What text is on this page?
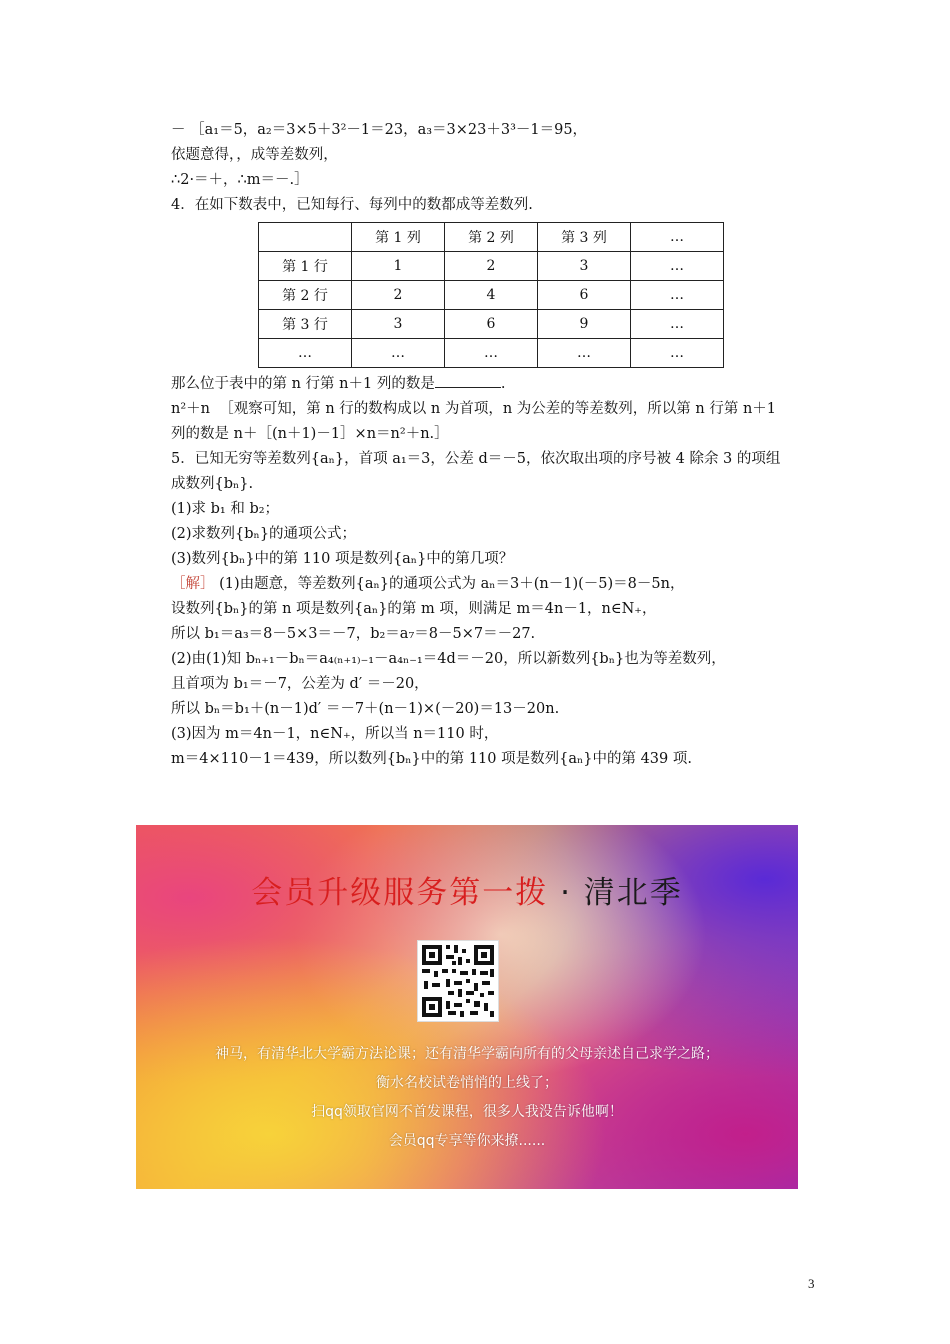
－ ［a₁＝5，a₂＝3×5＋3²－1＝23，a₃＝3×23＋3³－1＝95，
依题意得，，成等差数列，
∴2·＝＋，∴m＝－.］
4．在如下数表中，已知每行、每列中的数都成等差数列.
	第 1 列	第 2 列	第 3 列	…
第 1 行	1	2	3	…
第 2 行	2	4	6	…
第 3 行	3	6	9	…
…	…	…	…	…
那么位于表中的第 n 行第 n＋1 列的数是	.
n²＋n ［观察可知，第 n 行的数构成以 n 为首项，n 为公差的等差数列，所以第 n 行第 n＋1
列的数是 n＋［(n＋1)－1］×n＝n²＋n.］
5．已知无穷等差数列{aₙ}，首项 a₁＝3，公差 d＝－5，依次取出项的序号被 4 除余 3 的项组
成数列{bₙ}.
(1)求 b₁ 和 b₂；
(2)求数列{bₙ}的通项公式；
(3)数列{bₙ}中的第 110 项是数列{aₙ}中的第几项？
［解］ (1)由题意，等差数列{aₙ}的通项公式为 aₙ＝3＋(n－1)(－5)＝8－5n，
设数列{bₙ}的第 n 项是数列{aₙ}的第 m 项，则满足 m＝4n－1，n∈N₊，
所以 b₁＝a₃＝8－5×3＝－7，b₂＝a₇＝8－5×7＝－27.
(2)由(1)知 bₙ₊₁－bₙ＝a₄₍ₙ₊₁₎₋₁－a₄ₙ₋₁＝4d＝－20，所以新数列{bₙ}也为等差数列，
且首项为 b₁＝－7，公差为 d′ ＝－20，
所以 bₙ＝b₁＋(n－1)d′ ＝－7＋(n－1)×(－20)＝13－20n.
(3)因为 m＝4n－1，n∈N₊，所以当 n＝110 时，
m＝4×110－1＝439，所以数列{bₙ}中的第 110 项是数列{aₙ}中的第 439 项.
会员升级服务第一拨 · 清北季
神马，有清华北大学霸方法论课；还有清华学霸向所有的父母亲述自己求学之路；
衡水名校试卷悄悄的上线了；
扫qq领取官网不首发课程，很多人我没告诉他啊！
会员qq专享等你来撩......
3
